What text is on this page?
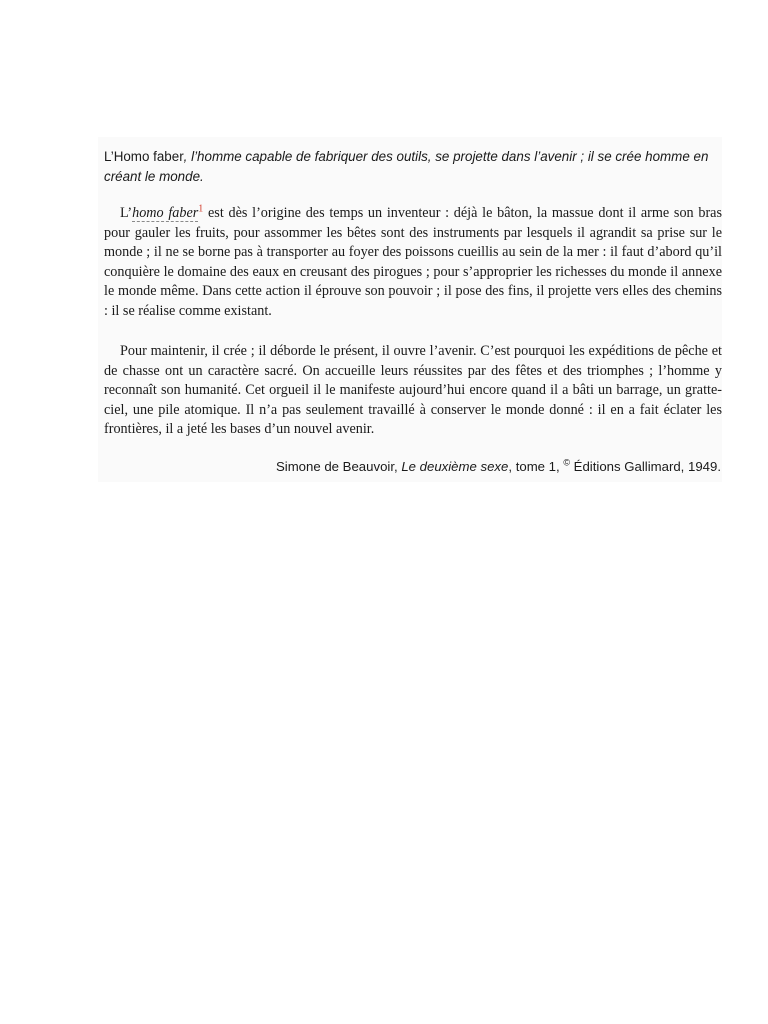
L’Homo faber, l’homme capable de fabriquer des outils, se projette dans l’avenir ; il se crée homme en créant le monde.

L’homo faber$^1$ est dès l’origine des temps un inventeur : déjà le bâton, la massue dont il arme son bras pour gauler les fruits, pour assommer les bêtes sont des instruments par lesquels il agrandit sa prise sur le monde ; il ne se borne pas à transporter au foyer des poissons cueillis au sein de la mer : il faut d’abord qu’il conquière le domaine des eaux en creusant des pirogues ; pour s’approprier les richesses du monde il annexe le monde même. Dans cette action il éprouve son pouvoir ; il pose des fins, il projette vers elles des chemins : il se réalise comme existant.

Pour maintenir, il crée ; il déborde le présent, il ouvre l’avenir. C’est pourquoi les expéditions de pêche et de chasse ont un caractère sacré. On accueille leurs réussites par des fêtes et des triomphes ; l’homme y reconnaît son humanité. Cet orgueil il le manifeste aujourd’hui encore quand il a bâti un barrage, un gratte-ciel, une pile atomique. Il n’a pas seulement travaillé à conserver le monde donné : il en a fait éclater les frontières, il a jeté les bases d’un nouvel avenir.

Simone de Beauvoir, Le deuxième sexe, tome 1, © Éditions Gallimard, 1949.
